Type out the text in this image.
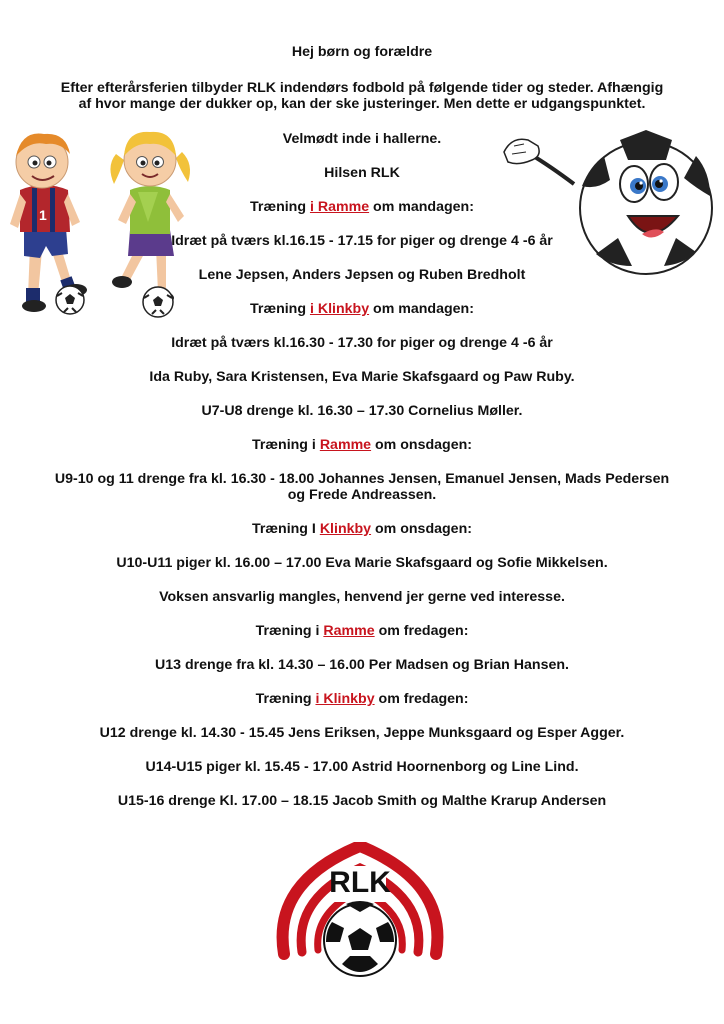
Hej børn og forældre
Efter efterårsferien tilbyder RLK indendørs fodbold på følgende tider og steder. Afhængig
af hvor mange der dukker op, kan der ske justeringer. Men dette er udgangspunktet.
Velmødt inde i hallerne.
Hilsen RLK
Træning i Ramme om mandagen:
Idræt på tværs kl.16.15 - 17.15 for piger og drenge 4 -6 år
Lene Jepsen, Anders Jepsen og Ruben Bredholt
Træning i Klinkby om mandagen:
Idræt på tværs kl.16.30 - 17.30 for piger og drenge 4 -6 år
Ida Ruby, Sara Kristensen, Eva Marie Skafsgaard og Paw Ruby.
U7-U8 drenge kl. 16.30 – 17.30 Cornelius Møller.
Træning i Ramme om onsdagen:
U9-10 og 11 drenge fra kl. 16.30 - 18.00 Johannes Jensen, Emanuel Jensen, Mads Pedersen
og Frede Andreassen.
Træning I Klinkby om onsdagen:
U10-U11 piger kl. 16.00 – 17.00 Eva Marie Skafsgaard og Sofie Mikkelsen.
Voksen ansvarlig mangles, henvend jer gerne ved interesse.
Træning i Ramme om fredagen:
U13 drenge fra kl. 14.30 – 16.00 Per Madsen og Brian Hansen.
Træning i Klinkby om fredagen:
U12 drenge kl. 14.30 - 15.45 Jens Eriksen, Jeppe Munksgaard og Esper Agger.
U14-U15 piger kl. 15.45 - 17.00 Astrid Hoornenborg og Line Lind.
U15-16 drenge Kl. 17.00 – 18.15 Jacob Smith og Malthe Krarup Andersen
1
RLK
